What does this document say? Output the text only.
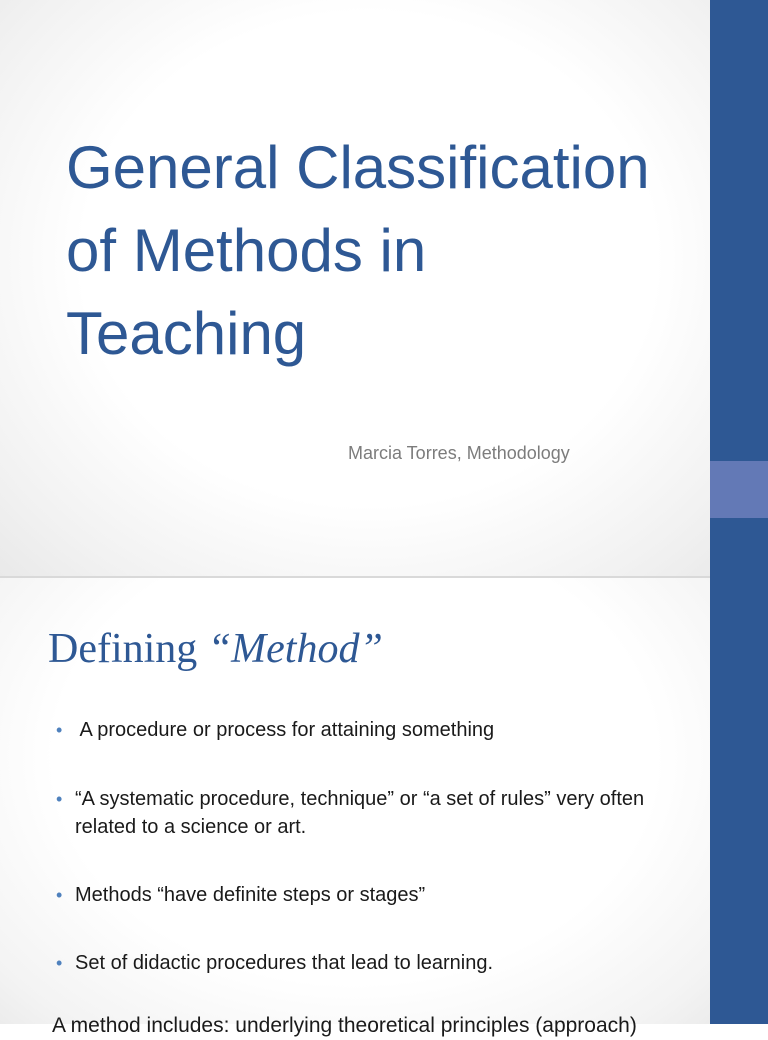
General Classification
of Methods in
Teaching

Marcia Torres, Methodology

Defining “Method”
• A procedure or process for attaining something
• “A systematic procedure, technique” or “a set of rules” very often related to a science or art.
• Methods “have definite steps or stages”
• Set of didactic procedures that lead to learning.

A method includes: underlying theoretical principles (approach)
